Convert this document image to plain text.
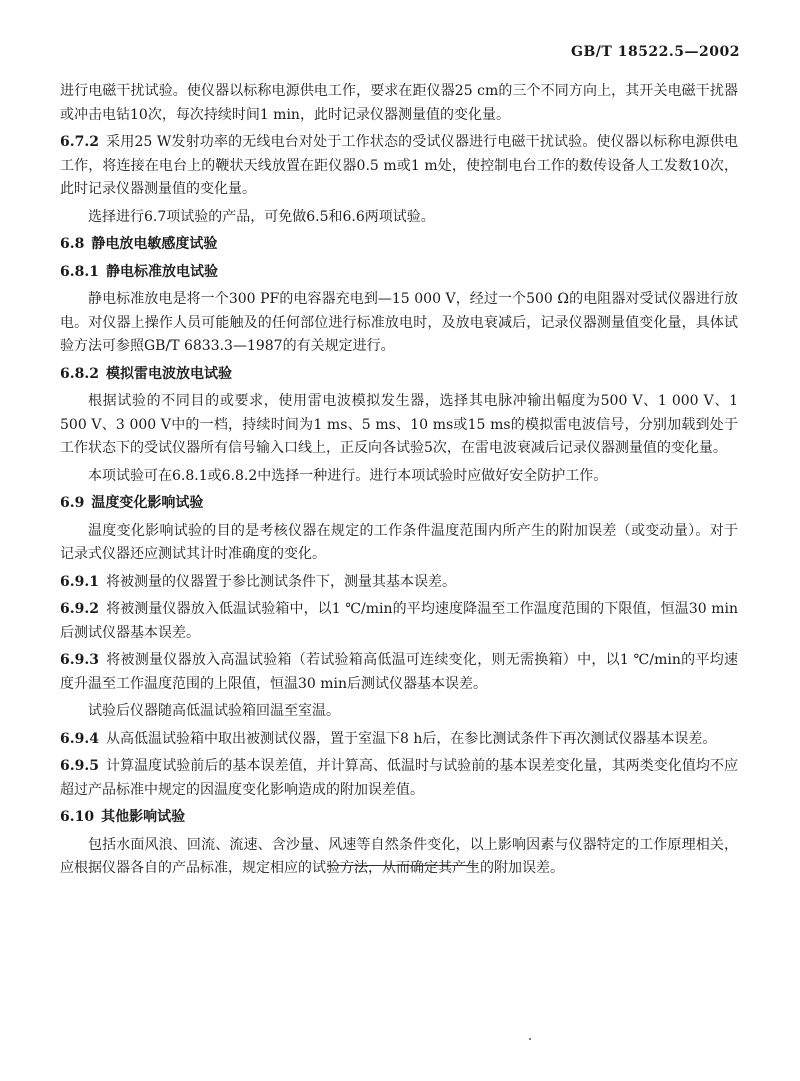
GB/T 18522.5—2002
进行电磁干扰试验。使仪器以标称电源供电工作，要求在距仪器25 cm的三个不同方向上，其开关电磁干扰器或冲击电钻10次，每次持续时间1 min，此时记录仪器测量值的变化量。
6.7.2 采用25 W发射功率的无线电台对处于工作状态的受试仪器进行电磁干扰试验。使仪器以标称电源供电工作，将连接在电台上的鞭状天线放置在距仪器0.5 m或1 m处，使控制电台工作的数传设备人工发数10次，此时记录仪器测量值的变化量。
选择进行6.7项试验的产品，可免做6.5和6.6两项试验。
6.8 静电放电敏感度试验
6.8.1 静电标准放电试验
静电标准放电是将一个300 PF的电容器充电到—15 000 V，经过一个500 Ω的电阻器对受试仪器进行放电。对仪器上操作人员可能触及的任何部位进行标准放电时，及放电衰减后，记录仪器测量值变化量，具体试验方法可参照GB/T 6833.3—1987的有关规定进行。
6.8.2 模拟雷电波放电试验
根据试验的不同目的或要求，使用雷电波模拟发生器，选择其电脉冲输出幅度为500 V、1 000 V、1 500 V、3 000 V中的一档，持续时间为1 ms、5 ms、10 ms或15 ms的模拟雷电波信号，分别加载到处于工作状态下的受试仪器所有信号输入口线上，正反向各试验5次，在雷电波衰减后记录仪器测量值的变化量。
本项试验可在6.8.1或6.8.2中选择一种进行。进行本项试验时应做好安全防护工作。
6.9 温度变化影响试验
温度变化影响试验的目的是考核仪器在规定的工作条件温度范围内所产生的附加误差（或变动量）。对于记录式仪器还应测试其计时准确度的变化。
6.9.1 将被测量的仪器置于参比测试条件下，测量其基本误差。
6.9.2 将被测量仪器放入低温试验箱中，以1 ℃/min的平均速度降温至工作温度范围的下限值，恒温30 min后测试仪器基本误差。
6.9.3 将被测量仪器放入高温试验箱（若试验箱高低温可连续变化，则无需换箱）中，以1 ℃/min的平均速度升温至工作温度范围的上限值，恒温30 min后测试仪器基本误差。
试验后仪器随高低温试验箱回温至室温。
6.9.4 从高低温试验箱中取出被测试仪器，置于室温下8 h后，在参比测试条件下再次测试仪器基本误差。
6.9.5 计算温度试验前后的基本误差值，并计算高、低温时与试验前的基本误差变化量，其两类变化值均不应超过产品标准中规定的因温度变化影响造成的附加误差值。
6.10 其他影响试验
包括水面风浪、回流、流速、含沙量、风速等自然条件变化，以上影响因素与仪器特定的工作原理相关，应根据仪器各自的产品标准，规定相应的试验方法，从而确定其产生的附加误差。
